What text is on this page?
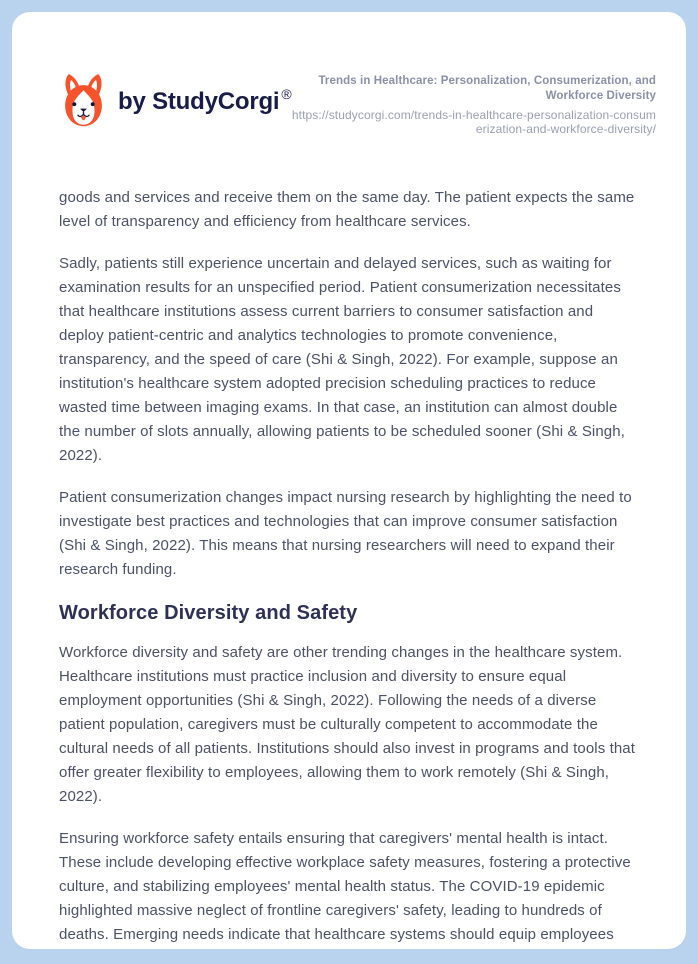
by StudyCorgi ®
Trends in Healthcare: Personalization, Consumerization, and Workforce Diversity
https://studycorgi.com/trends-in-healthcare-personalization-consumerization-and-workforce-diversity/

goods and services and receive them on the same day. The patient expects the same level of transparency and efficiency from healthcare services.

Sadly, patients still experience uncertain and delayed services, such as waiting for examination results for an unspecified period. Patient consumerization necessitates that healthcare institutions assess current barriers to consumer satisfaction and deploy patient-centric and analytics technologies to promote convenience, transparency, and the speed of care (Shi & Singh, 2022). For example, suppose an institution's healthcare system adopted precision scheduling practices to reduce wasted time between imaging exams. In that case, an institution can almost double the number of slots annually, allowing patients to be scheduled sooner (Shi & Singh, 2022).

Patient consumerization changes impact nursing research by highlighting the need to investigate best practices and technologies that can improve consumer satisfaction (Shi & Singh, 2022). This means that nursing researchers will need to expand their research funding.

Workforce Diversity and Safety

Workforce diversity and safety are other trending changes in the healthcare system. Healthcare institutions must practice inclusion and diversity to ensure equal employment opportunities (Shi & Singh, 2022). Following the needs of a diverse patient population, caregivers must be culturally competent to accommodate the cultural needs of all patients. Institutions should also invest in programs and tools that offer greater flexibility to employees, allowing them to work remotely (Shi & Singh, 2022).

Ensuring workforce safety entails ensuring that caregivers' mental health is intact. These include developing effective workplace safety measures, fostering a protective culture, and stabilizing employees' mental health status. The COVID-19 epidemic highlighted massive neglect of frontline caregivers' safety, leading to hundreds of deaths. Emerging needs indicate that healthcare systems should equip employees
